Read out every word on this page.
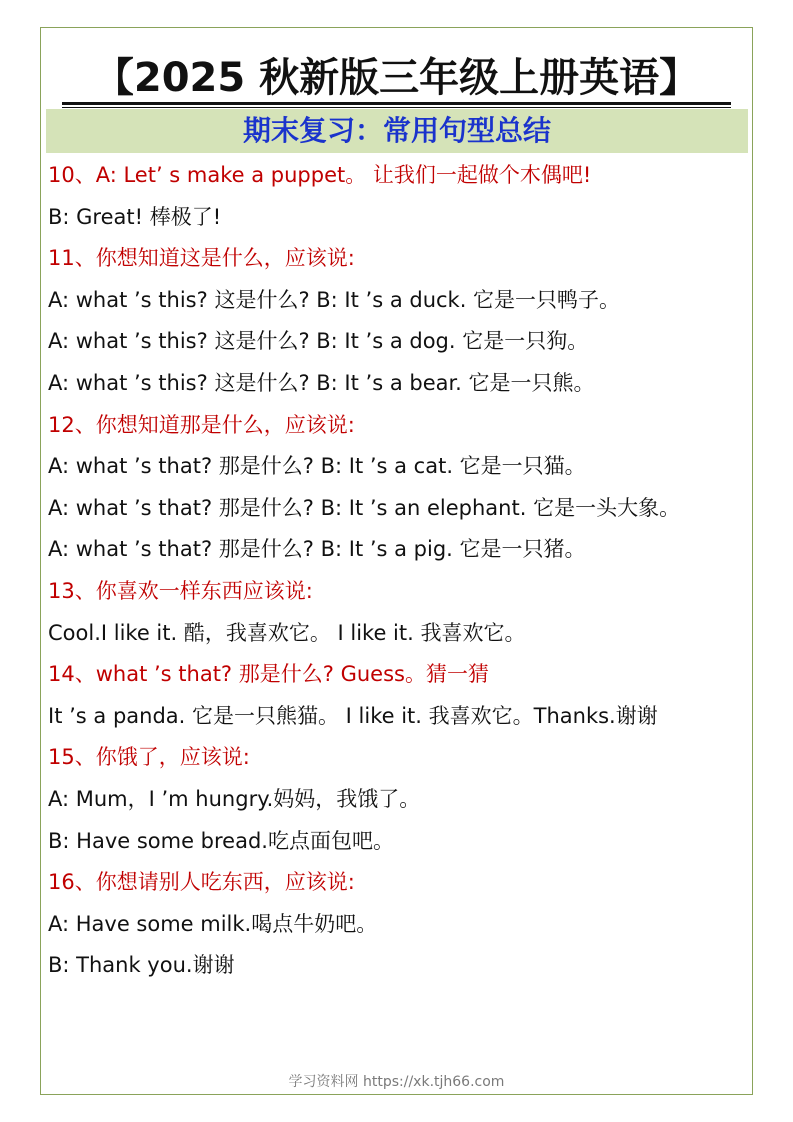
【2025 秋新版三年级上册英语】
期末复习：常用句型总结
10、A: Let’ s make a puppet。 让我们一起做个木偶吧!
B: Great! 棒极了!
11、你想知道这是什么，应该说:
A: what ’s this? 这是什么? B: It ’s a duck. 它是一只鸭子。
A: what ’s this? 这是什么? B: It ’s a dog. 它是一只狗。
A: what ’s this? 这是什么? B: It ’s a bear. 它是一只熊。
12、你想知道那是什么，应该说:
A: what ’s that? 那是什么? B: It ’s a cat. 它是一只猫。
A: what ’s that? 那是什么? B: It ’s an elephant. 它是一头大象。
A: what ’s that? 那是什么? B: It ’s a pig. 它是一只猪。
13、你喜欢一样东西应该说:
Cool.I like it. 酷，我喜欢它。 I like it. 我喜欢它。
14、what ’s that? 那是什么? Guess。猜一猜
It ’s a panda. 它是一只熊猫。 I like it. 我喜欢它。Thanks.谢谢
15、你饿了，应该说:
A: Mum，I ’m hungry.妈妈，我饿了。
B: Have some bread.吃点面包吧。
16、你想请别人吃东西，应该说:
A: Have some milk.喝点牛奶吧。
B: Thank you.谢谢
学习资料网 https://xk.tjh66.com
